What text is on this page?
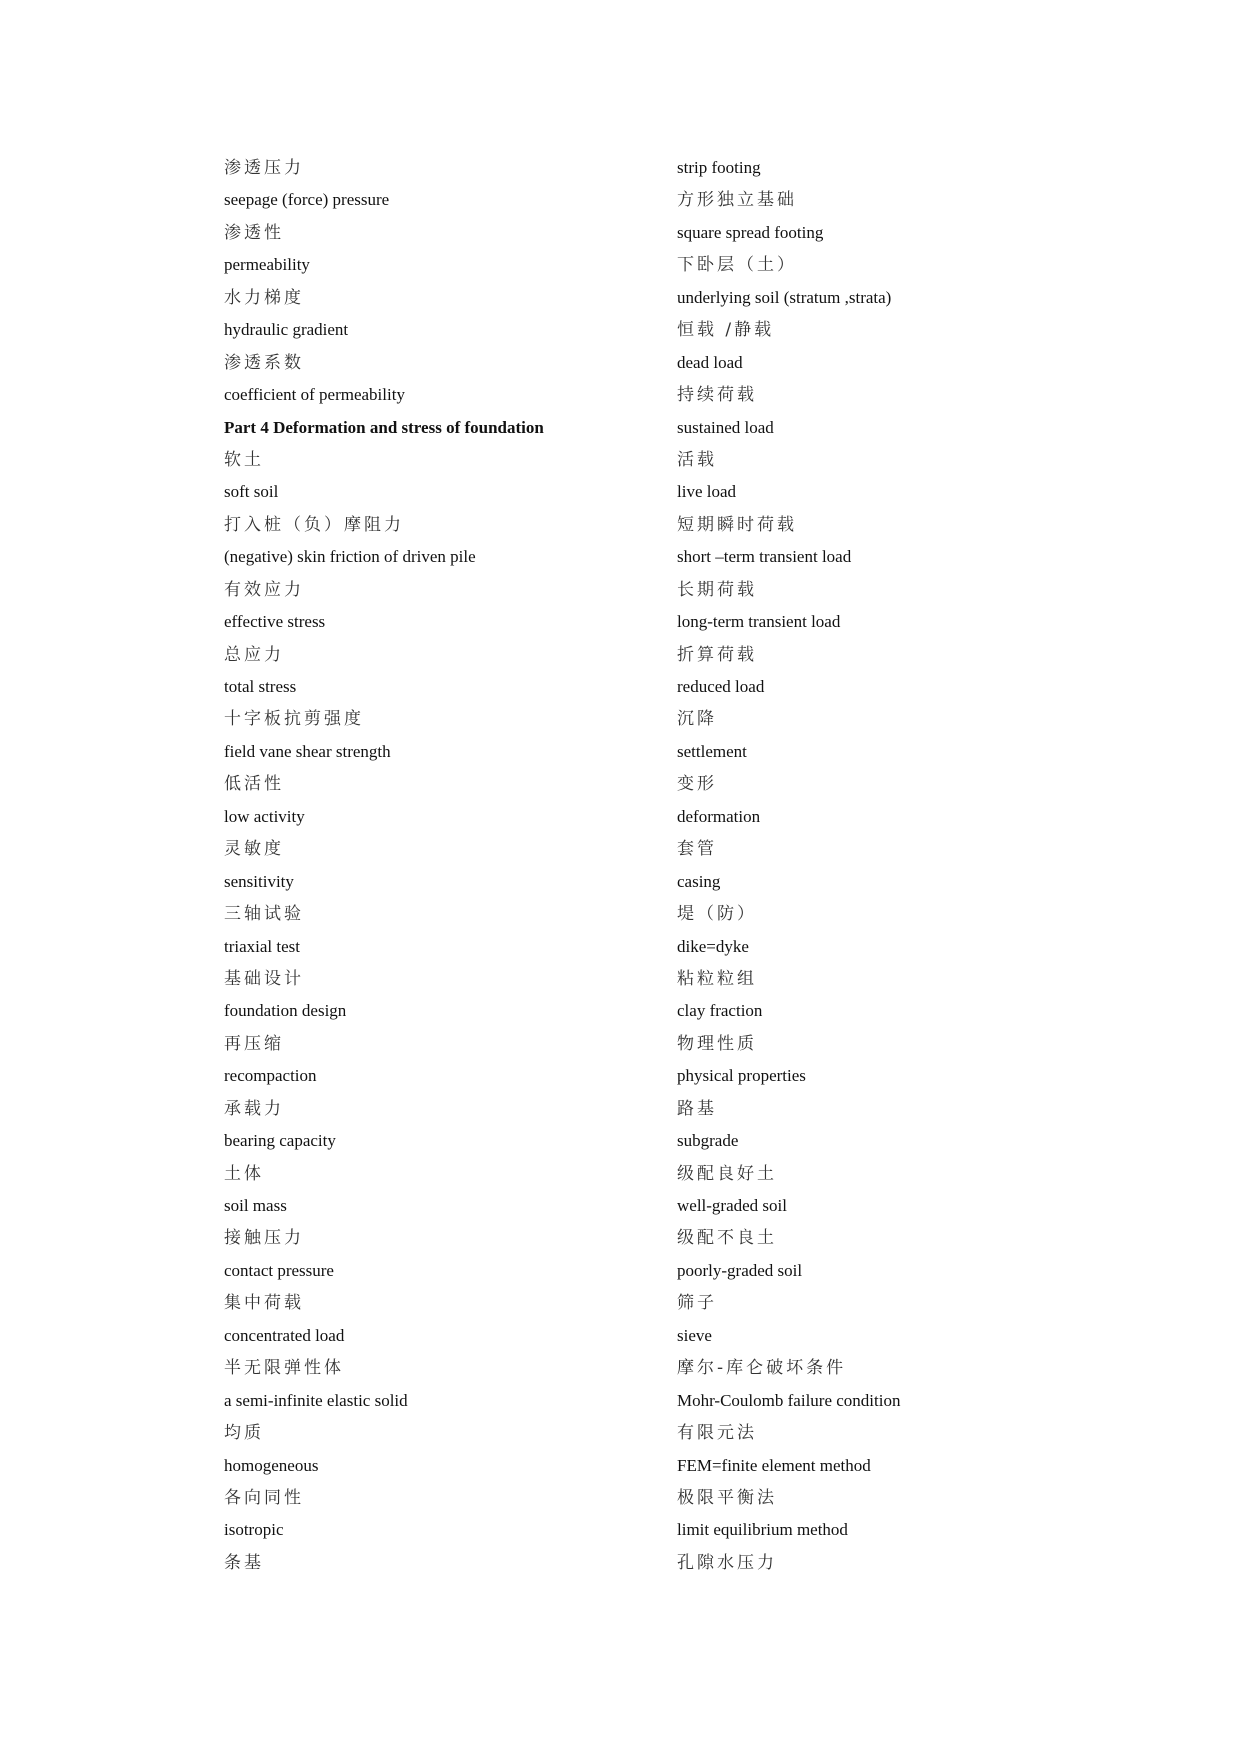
渗透压力
seepage (force) pressure
渗透性
permeability
水力梯度
hydraulic gradient
渗透系数
coefficient of permeability
Part 4 Deformation and stress of foundation
软土
soft soil
打入桩（负）摩阻力
(negative) skin friction of driven pile
有效应力
effective stress
总应力
total stress
十字板抗剪强度
field vane shear strength
低活性
low activity
灵敏度
sensitivity
三轴试验
triaxial test
基础设计
foundation design
再压缩
recompaction
承载力
bearing capacity
土体
soil mass
接触压力
contact pressure
集中荷载
concentrated load
半无限弹性体
a semi-infinite elastic solid
均质
homogeneous
各向同性
isotropic
条基
strip footing
方形独立基础
square spread footing
下卧层（土）
underlying soil (stratum ,strata)
恒载 /静载
dead load
持续荷载
sustained load
活载
live load
短期瞬时荷载
short –term transient load
长期荷载
long-term transient load
折算荷载
reduced load
沉降
settlement
变形
deformation
套管
casing
堤（防）
dike=dyke
粘粒粒组
clay fraction
物理性质
physical properties
路基
subgrade
级配良好土
well-graded soil
级配不良土
poorly-graded soil
筛子
sieve
摩尔-库仑破坏条件
Mohr-Coulomb failure condition
有限元法
FEM=finite element method
极限平衡法
limit equilibrium method
孔隙水压力
